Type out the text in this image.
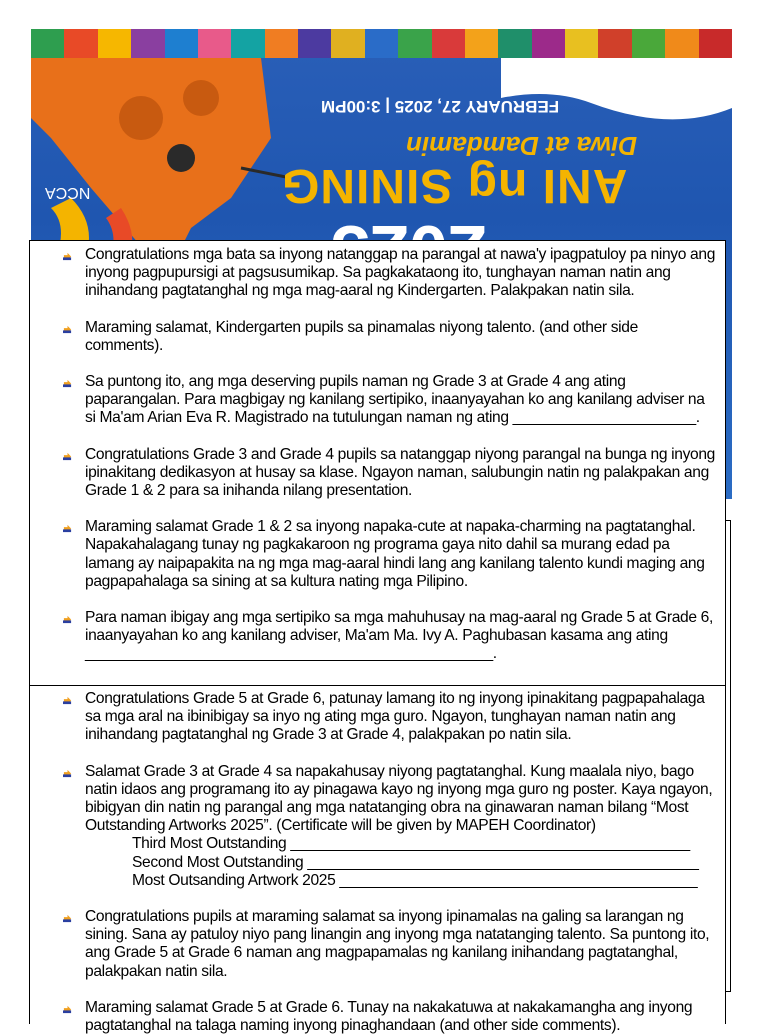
FEBRUARY 27, 2025 | 3:00PM
Diwa at Damdamin
ANI ng SINING
NCCA
Congratulations mga bata sa inyong natanggap na parangal at nawa'y ipagpatuloy pa ninyo ang inyong pagpupursigi at pagsusumikap. Sa pagkakataong ito, tunghayan naman natin ang inihandang pagtatanghal ng mga mag-aaral ng Kindergarten. Palakpakan natin sila.
Maraming salamat, Kindergarten pupils sa pinamalas niyong talento. (and other side comments).
Sa puntong ito, ang mga deserving pupils naman ng Grade 3 at Grade 4 ang ating paparangalan. Para magbigay ng kanilang sertipiko, inaanyayahan ko ang kanilang adviser na si Ma'am Arian Eva R. Magistrado na tutulungan naman ng ating ______________________.
Congratulations Grade 3 and Grade 4 pupils sa natanggap niyong parangal na bunga ng inyong ipinakitang dedikasyon at husay sa klase. Ngayon naman, salubungin natin ng palakpakan ang Grade 1 & 2 para sa inihanda nilang presentation.
Maraming salamat Grade 1 & 2 sa inyong napaka-cute at napaka-charming na pagtatanghal. Napakahalagang tunay ng pagkakaroon ng programa gaya nito dahil sa murang edad pa lamang ay naipapakita na ng mga mag-aaral hindi lang ang kanilang talento kundi maging ang pagpapahalaga sa sining at sa kultura nating mga Pilipino.
Para naman ibigay ang mga sertipiko sa mga mahuhusay na mag-aaral ng Grade 5 at Grade 6, inaanyayahan ko ang kanilang adviser, Ma'am Ma. Ivy A. Paghubasan kasama ang ating _________________________________________________.
Congratulations Grade 5 at Grade 6, patunay lamang ito ng inyong ipinakitang pagpapahalaga sa mga aral na ibinibigay sa inyo ng ating mga guro. Ngayon, tunghayan naman natin ang inihandang pagtatanghal ng Grade 3 at Grade 4, palakpakan po natin sila.
Salamat Grade 3 at Grade 4 sa napakahusay niyong pagtatanghal. Kung maalala niyo, bago natin idaos ang programang ito ay pinagawa kayo ng inyong mga guro ng poster. Kaya ngayon, bibigyan din natin ng parangal ang mga natatanging obra na ginawaran naman bilang “Most Outstanding Artworks 2025”. (Certificate will be given by MAPEH Coordinator)
Third Most Outstanding ________________________________________________
Second Most Outstanding _______________________________________________
Most Outsanding Artwork 2025 ___________________________________________
Congratulations pupils at maraming salamat sa inyong ipinamalas na galing sa larangan ng sining. Sana ay patuloy niyo pang linangin ang inyong mga natatanging talento. Sa puntong ito, ang Grade 5 at Grade 6 naman ang magpapamalas ng kanilang inihandang pagtatanghal, palakpakan natin sila.
Maraming salamat Grade 5 at Grade 6. Tunay na nakakatuwa at nakakamangha ang inyong pagtatanghal na talaga naming inyong pinaghandaan (and other side comments).
